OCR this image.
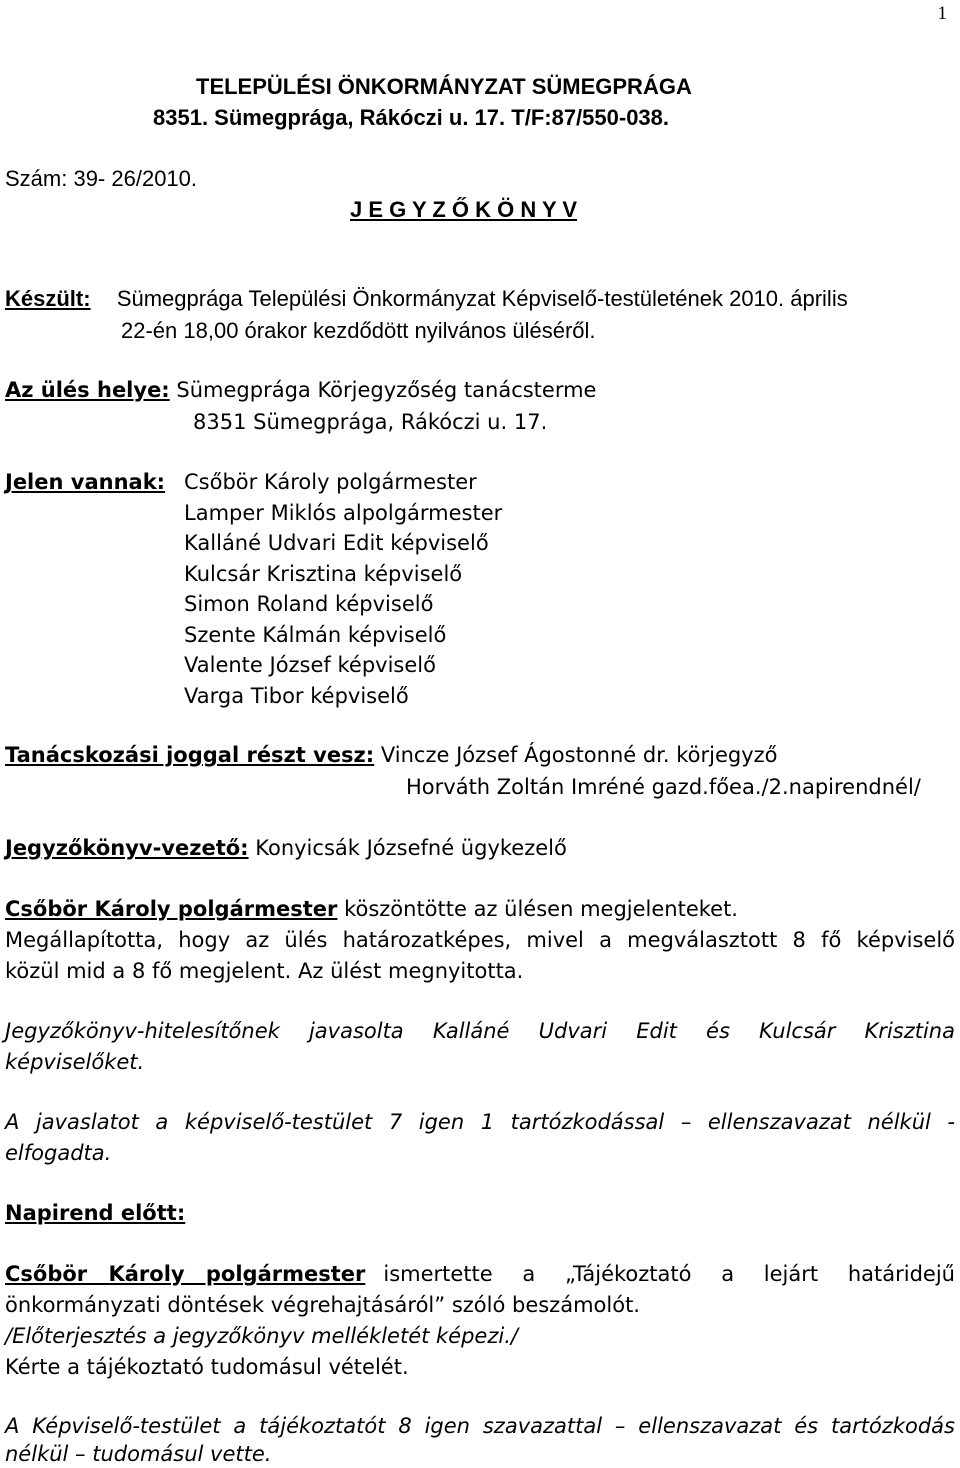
1
TELEPÜLÉSI ÖNKORMÁNYZAT SÜMEGPRÁGA
8351. Sümegprága, Rákóczi u. 17. T/F:87/550-038.
Szám: 39- 26/2010.
J E G Y Z Ő K Ö N Y V
Készült: Sümegprága Települési Önkormányzat Képviselő-testületének 2010. április
22-én 18,00 órakor kezdődött nyilvános üléséről.
Az ülés helye: Sümegprága Körjegyzőség tanácsterme
8351 Sümegprága, Rákóczi u. 17.
Jelen vannak: Csőbör Károly polgármester
Lamper Miklós alpolgármester
Kalláné Udvari Edit képviselő
Kulcsár Krisztina képviselő
Simon Roland képviselő
Szente Kálmán képviselő
Valente József képviselő
Varga Tibor képviselő
Tanácskozási joggal részt vesz: Vincze József Ágostonné dr. körjegyző
Horváth Zoltán Imréné gazd.főea./2.napirendnél/
Jegyzőkönyv-vezető: Konyicsák Józsefné ügykezelő
Csőbör Károly polgármester köszöntötte az ülésen megjelenteket.
Megállapította, hogy az ülés határozatképes, mivel a megválasztott 8 fő képviselő
közül mid a 8 fő megjelent. Az ülést megnyitotta.
Jegyzőkönyv-hitelesítőnek javasolta Kalláné Udvari Edit és Kulcsár Krisztina
képviselőket.
A javaslatot a képviselő-testület 7 igen 1 tartózkodással – ellenszavazat nélkül -
elfogadta.
Napirend előtt:
Csőbör Károly polgármester ismertette a „Tájékoztató a lejárt határidejű
önkormányzati döntések végrehajtásáról” szóló beszámolót.
/Előterjesztés a jegyzőkönyv mellékletét képezi./
Kérte a tájékoztató tudomásul vételét.
A Képviselő-testület a tájékoztatót 8 igen szavazattal – ellenszavazat és tartózkodás
nélkül – tudomásul vette.
